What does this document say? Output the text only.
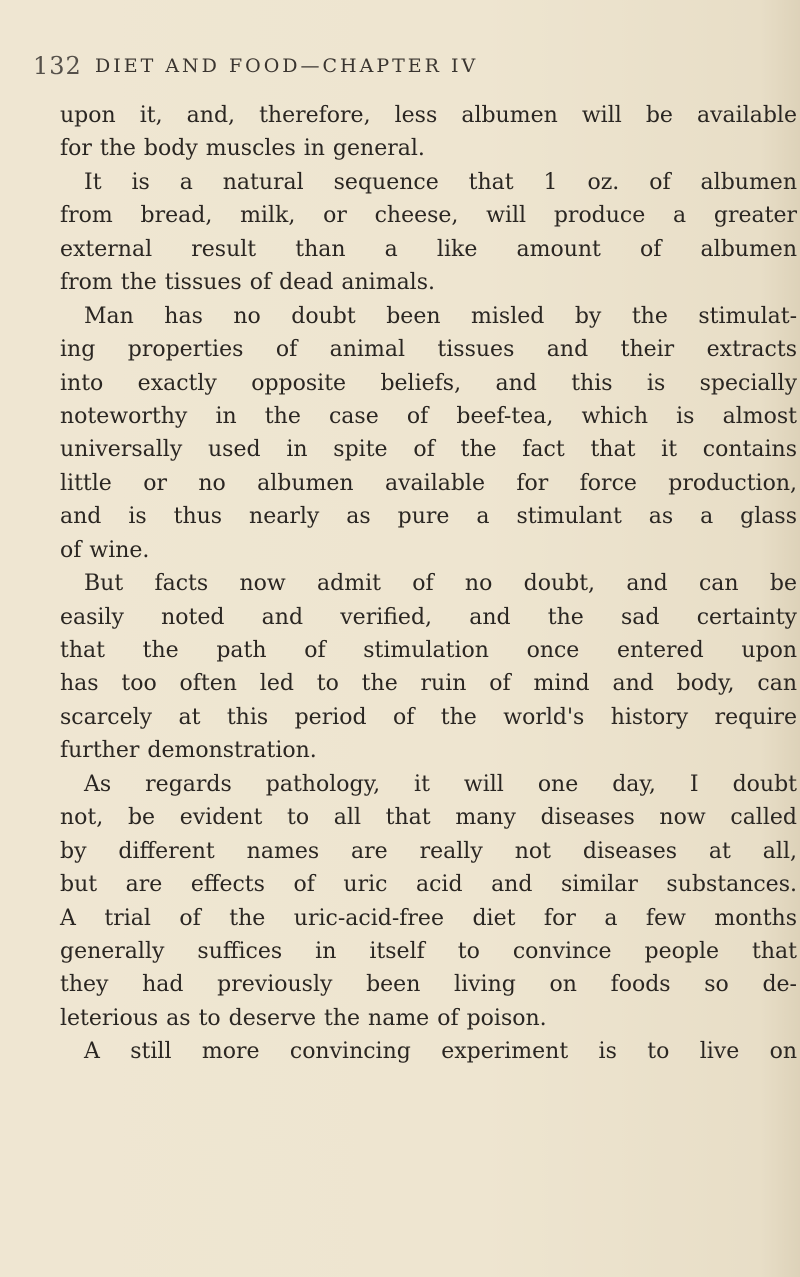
132 DIET AND FOOD—CHAPTER IV
upon it, and, therefore, less albumen will be available
for the body muscles in general.
It is a natural sequence that 1 oz. of albumen
from bread, milk, or cheese, will produce a greater
external result than a like amount of albumen
from the tissues of dead animals.
Man has no doubt been misled by the stimulat-
ing properties of animal tissues and their extracts
into exactly opposite beliefs, and this is specially
noteworthy in the case of beef-tea, which is almost
universally used in spite of the fact that it contains
little or no albumen available for force production,
and is thus nearly as pure a stimulant as a glass
of wine.
But facts now admit of no doubt, and can be
easily noted and verified, and the sad certainty
that the path of stimulation once entered upon
has too often led to the ruin of mind and body, can
scarcely at this period of the world's history require
further demonstration.
As regards pathology, it will one day, I doubt
not, be evident to all that many diseases now called
by different names are really not diseases at all,
but are effects of uric acid and similar substances.
A trial of the uric-acid-free diet for a few months
generally suffices in itself to convince people that
they had previously been living on foods so de-
leterious as to deserve the name of poison.
A still more convincing experiment is to live on
